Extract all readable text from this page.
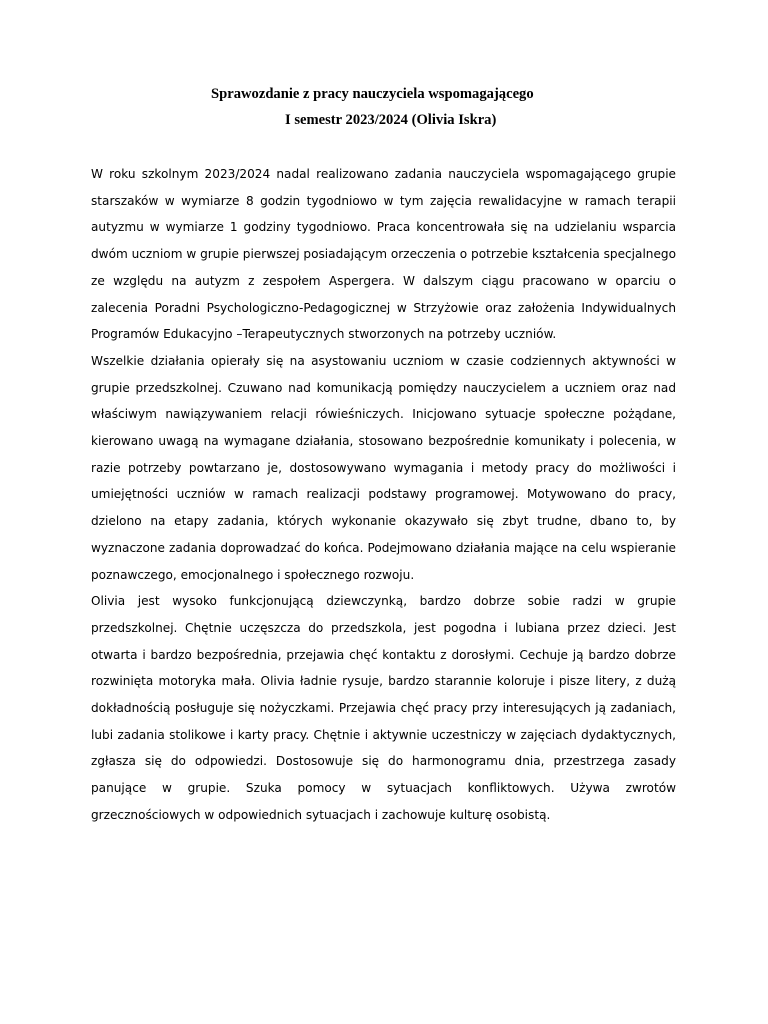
Sprawozdanie z pracy nauczyciela wspomagającego
I semestr 2023/2024 (Olivia Iskra)

W roku szkolnym 2023/2024 nadal realizowano zadania nauczyciela wspomagającego grupie starszaków w wymiarze 8 godzin tygodniowo w tym zajęcia rewalidacyjne w ramach terapii autyzmu w wymiarze 1 godziny tygodniowo. Praca koncentrowała się na udzielaniu wsparcia dwóm uczniom w grupie pierwszej posiadającym orzeczenia o potrzebie kształcenia specjalnego ze względu na autyzm z zespołem Aspergera. W dalszym ciągu pracowano w oparciu o zalecenia Poradni Psychologiczno-Pedagogicznej w Strzyżowie oraz założenia Indywidualnych Programów Edukacyjno –Terapeutycznych stworzonych na potrzeby uczniów.

Wszelkie działania opierały się na asystowaniu uczniom w czasie codziennych aktywności w grupie przedszkolnej. Czuwano nad komunikacją pomiędzy nauczycielem a uczniem oraz nad właściwym nawiązywaniem relacji rówieśniczych. Inicjowano sytuacje społeczne pożądane, kierowano uwagą na wymagane działania, stosowano bezpośrednie komunikaty i polecenia, w razie potrzeby powtarzano je, dostosowywano wymagania i metody pracy do możliwości i umiejętności uczniów w ramach realizacji podstawy programowej. Motywowano do pracy, dzielono na etapy zadania, których wykonanie okazywało się zbyt trudne, dbano to, by wyznaczone zadania doprowadzać do końca. Podejmowano działania mające na celu wspieranie poznawczego, emocjonalnego i społecznego rozwoju.

Olivia jest wysoko funkcjonującą dziewczynką, bardzo dobrze sobie radzi w grupie przedszkolnej. Chętnie uczęszcza do przedszkola, jest pogodna i lubiana przez dzieci. Jest otwarta i bardzo bezpośrednia, przejawia chęć kontaktu z dorosłymi. Cechuje ją bardzo dobrze rozwinięta motoryka mała. Olivia ładnie rysuje, bardzo starannie koloruje i pisze litery, z dużą dokładnością posługuje się nożyczkami. Przejawia chęć pracy przy interesujących ją zadaniach, lubi zadania stolikowe i karty pracy. Chętnie i aktywnie uczestniczy w zajęciach dydaktycznych, zgłasza się do odpowiedzi. Dostosowuje się do harmonogramu dnia, przestrzega zasady panujące w grupie. Szuka pomocy w sytuacjach konfliktowych. Używa zwrotów grzecznościowych w odpowiednich sytuacjach i zachowuje kulturę osobistą.
